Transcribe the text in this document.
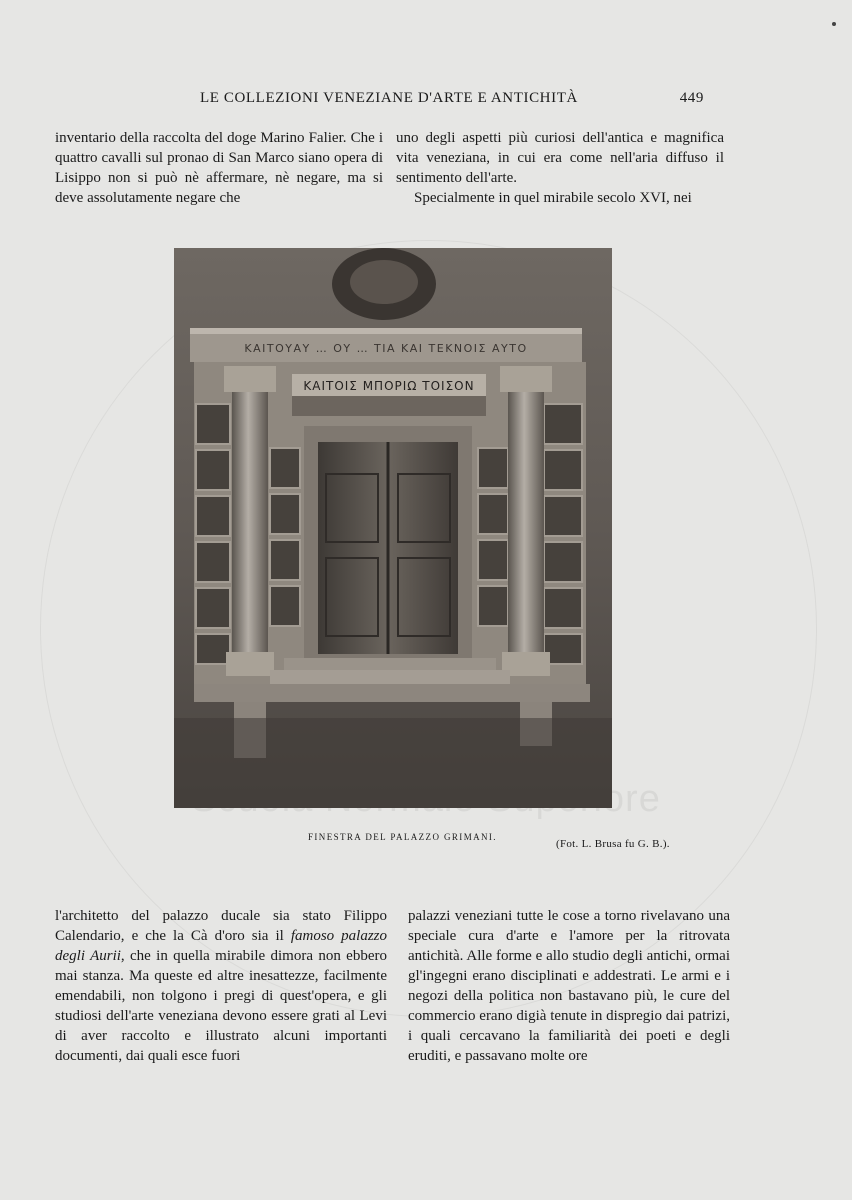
LE COLLEZIONI VENEZIANE D'ARTE E ANTICHITÀ	449

inventario della raccolta del doge Marino Falier. Che i quattro cavalli sul pronao di San Marco siano opera di Lisippo non si può nè affermare, nè negare, ma si deve assolutamente negare che

uno degli aspetti più curiosi dell'antica e magnifica vita veneziana, in cui era come nell'aria diffuso il sentimento dell'arte.

Specialmente in quel mirabile secolo XVI, nei

ΚΑΙΤΟΥΑΥ … ΟΥ … ΤΙΑ ΚΑΙ ΤΕΚΝΟΙΣ ΑΥΤΟ
ΚΑΙΤΟΙΣ ΜΠΟΡΙΩ ΤΟΙΣΟΝ
FINESTRA DEL PALAZZO GRIMANI.
(Fot. L. Brusa fu G. B.).

l'architetto del palazzo ducale sia stato Filippo Calendario, e che la Cà d'oro sia il famoso palazzo degli Aurii, che in quella mirabile dimora non ebbero mai stanza. Ma queste ed altre inesattezze, facilmente emendabili, non tolgono i pregi di quest'opera, e gli studiosi dell'arte veneziana devono essere grati al Levi di aver raccolto e illustrato alcuni importanti documenti, dai quali esce fuori

palazzi veneziani tutte le cose a torno rivelavano una speciale cura d'arte e l'amore per la ritrovata antichità. Alle forme e allo studio degli antichi, ormai gl'ingegni erano disciplinati e addestrati. Le armi e i negozi della politica non bastavano più, le cure del commercio erano digià tenute in dispregio dai patrizi, i quali cercavano la familiarità dei poeti e degli eruditi, e passavano molte ore
